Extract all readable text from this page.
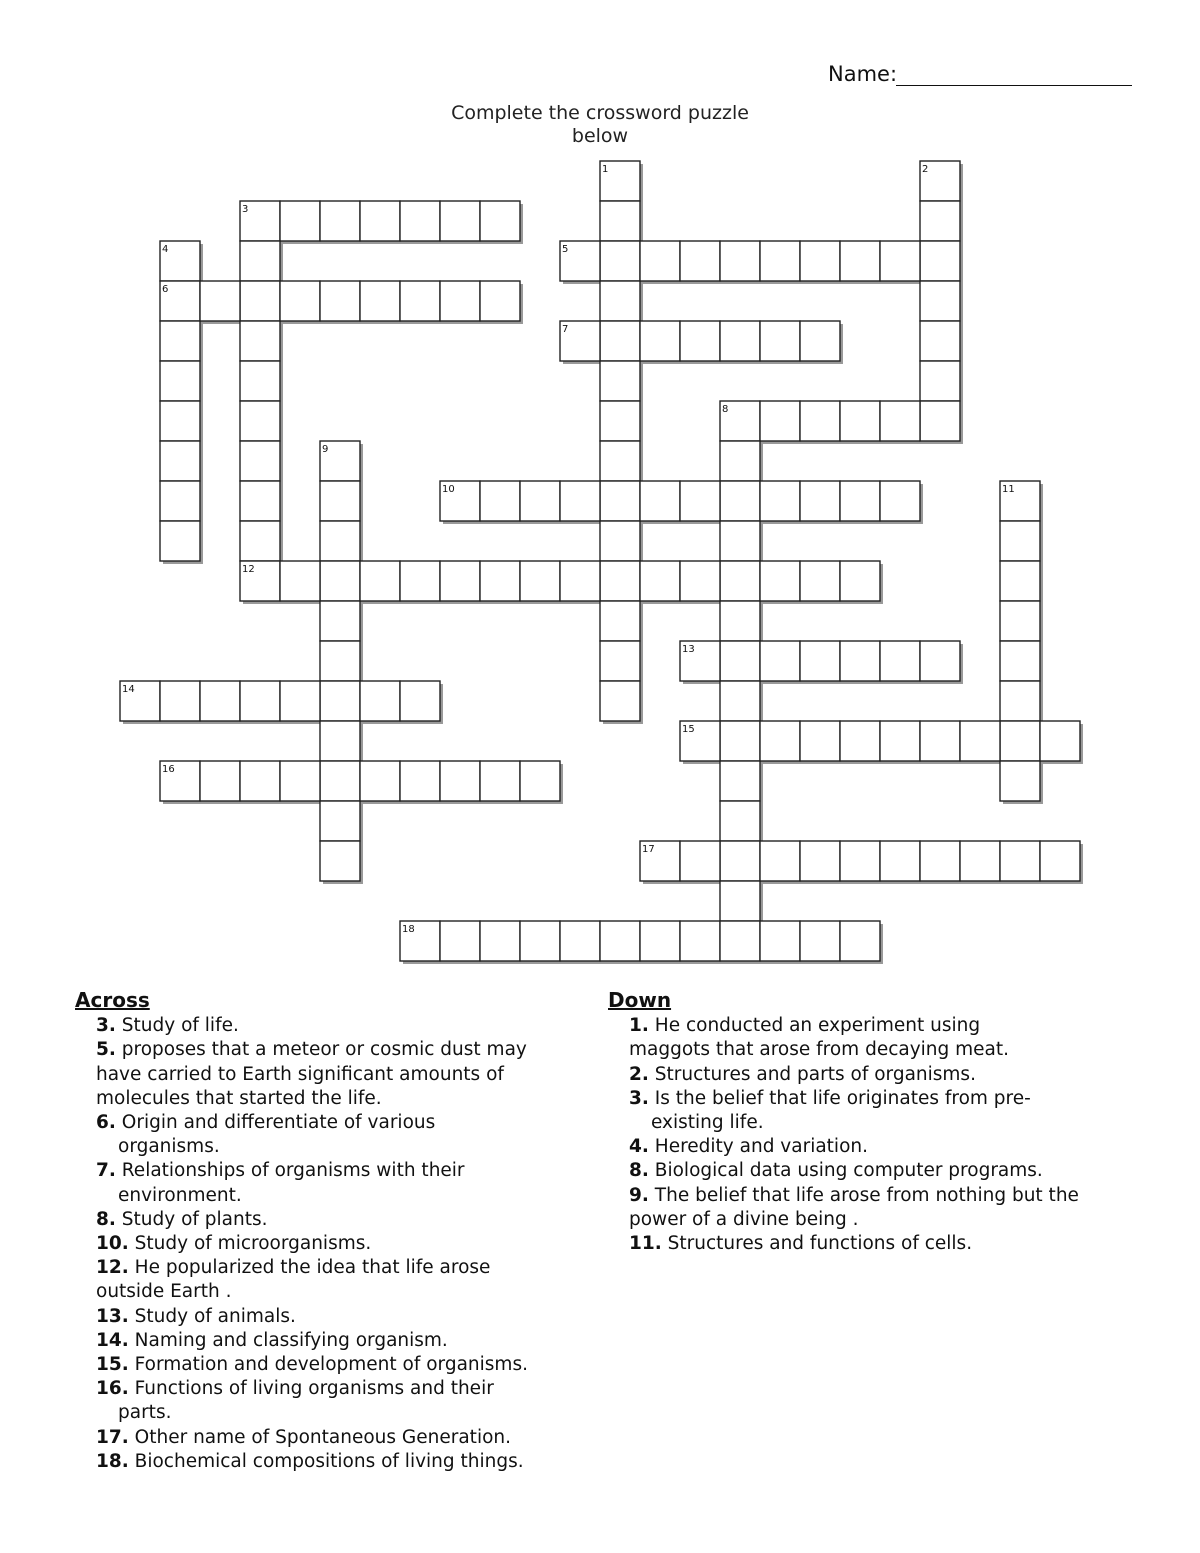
Name:
Complete the crossword puzzle
below
1	2
3
12
4
6
5
7
8
9
10	11
13
14
15
16
17
18
Across
3. Study of life.
5. proposes that a meteor or cosmic dust may
have carried to Earth significant amounts of molecules that started the life.
6. Origin and differentiate of various
organisms.
7. Relationships of organisms with their
environment.
8. Study of plants.
10. Study of microorganisms.
12. He popularized the idea that life arose
outside Earth .
13. Study of animals.
14. Naming and classifying organism.
15. Formation and development of organisms.
16. Functions of living organisms and their
parts.
17. Other name of Spontaneous Generation.
18. Biochemical compositions of living things.
Down
1. He conducted an experiment using
maggots that arose from decaying meat.
2. Structures and parts of organisms.
3. Is the belief that life originates from pre-
existing life.
4. Heredity and variation.
8. Biological data using computer programs.
9. The belief that life arose from nothing but the
power of a divine being .
11. Structures and functions of cells.
